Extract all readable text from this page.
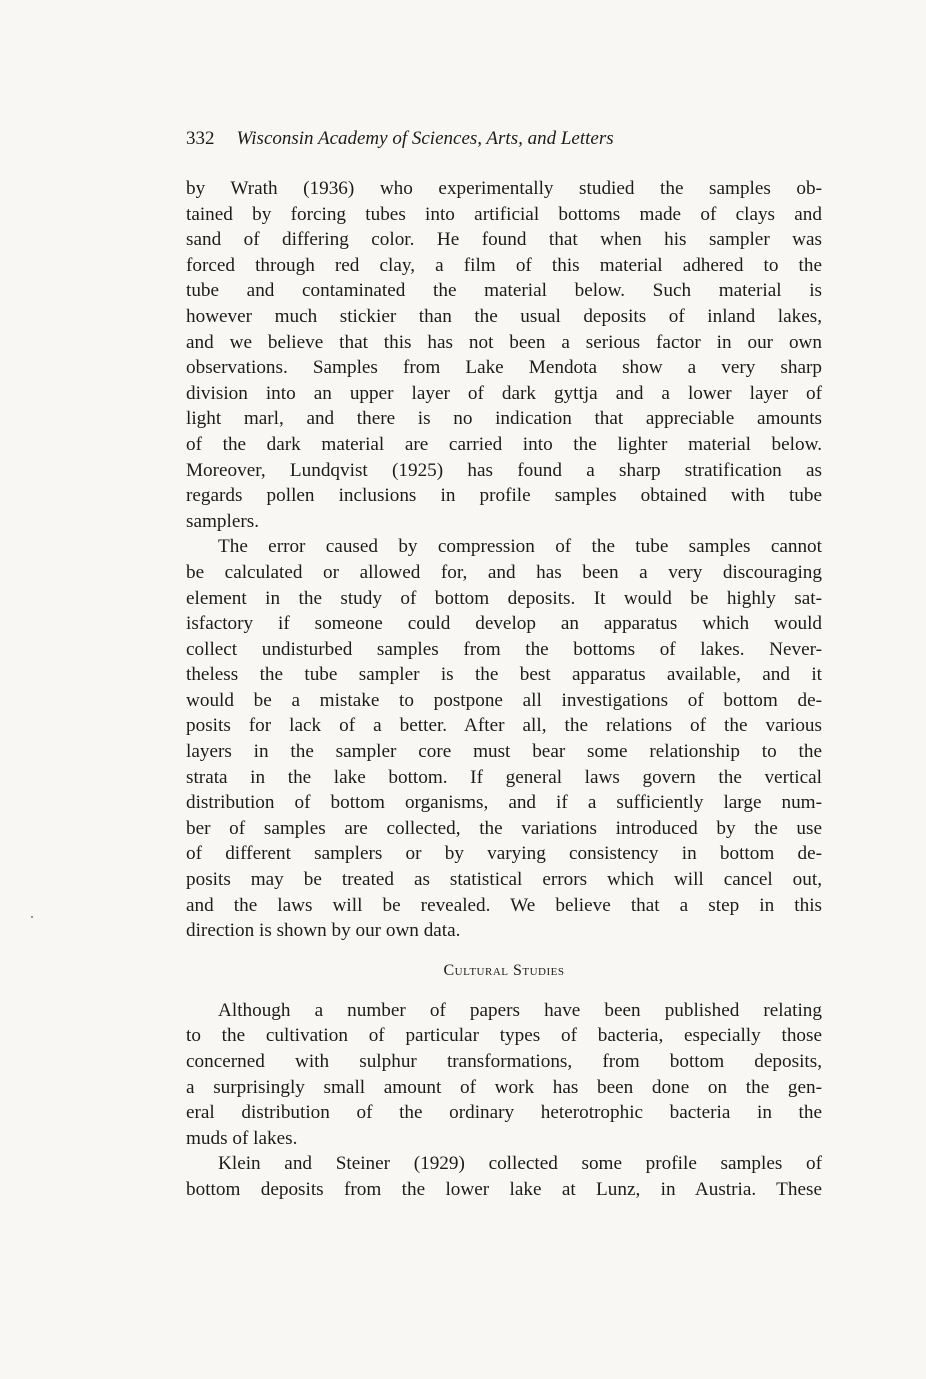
332 Wisconsin Academy of Sciences, Arts, and Letters
by Wrath (1936) who experimentally studied the samples ob-
tained by forcing tubes into artificial bottoms made of clays and
sand of differing color. He found that when his sampler was
forced through red clay, a film of this material adhered to the
tube and contaminated the material below. Such material is
however much stickier than the usual deposits of inland lakes,
and we believe that this has not been a serious factor in our own
observations. Samples from Lake Mendota show a very sharp
division into an upper layer of dark gyttja and a lower layer of
light marl, and there is no indication that appreciable amounts
of the dark material are carried into the lighter material below.
Moreover, Lundqvist (1925) has found a sharp stratification as
regards pollen inclusions in profile samples obtained with tube
samplers.
The error caused by compression of the tube samples cannot
be calculated or allowed for, and has been a very discouraging
element in the study of bottom deposits. It would be highly sat-
isfactory if someone could develop an apparatus which would
collect undisturbed samples from the bottoms of lakes. Never-
theless the tube sampler is the best apparatus available, and it
would be a mistake to postpone all investigations of bottom de-
posits for lack of a better. After all, the relations of the various
layers in the sampler core must bear some relationship to the
strata in the lake bottom. If general laws govern the vertical
distribution of bottom organisms, and if a sufficiently large num-
ber of samples are collected, the variations introduced by the use
of different samplers or by varying consistency in bottom de-
posits may be treated as statistical errors which will cancel out,
and the laws will be revealed. We believe that a step in this
direction is shown by our own data.
Cultural Studies
Although a number of papers have been published relating
to the cultivation of particular types of bacteria, especially those
concerned with sulphur transformations, from bottom deposits,
a surprisingly small amount of work has been done on the gen-
eral distribution of the ordinary heterotrophic bacteria in the
muds of lakes.
Klein and Steiner (1929) collected some profile samples of
bottom deposits from the lower lake at Lunz, in Austria. These
